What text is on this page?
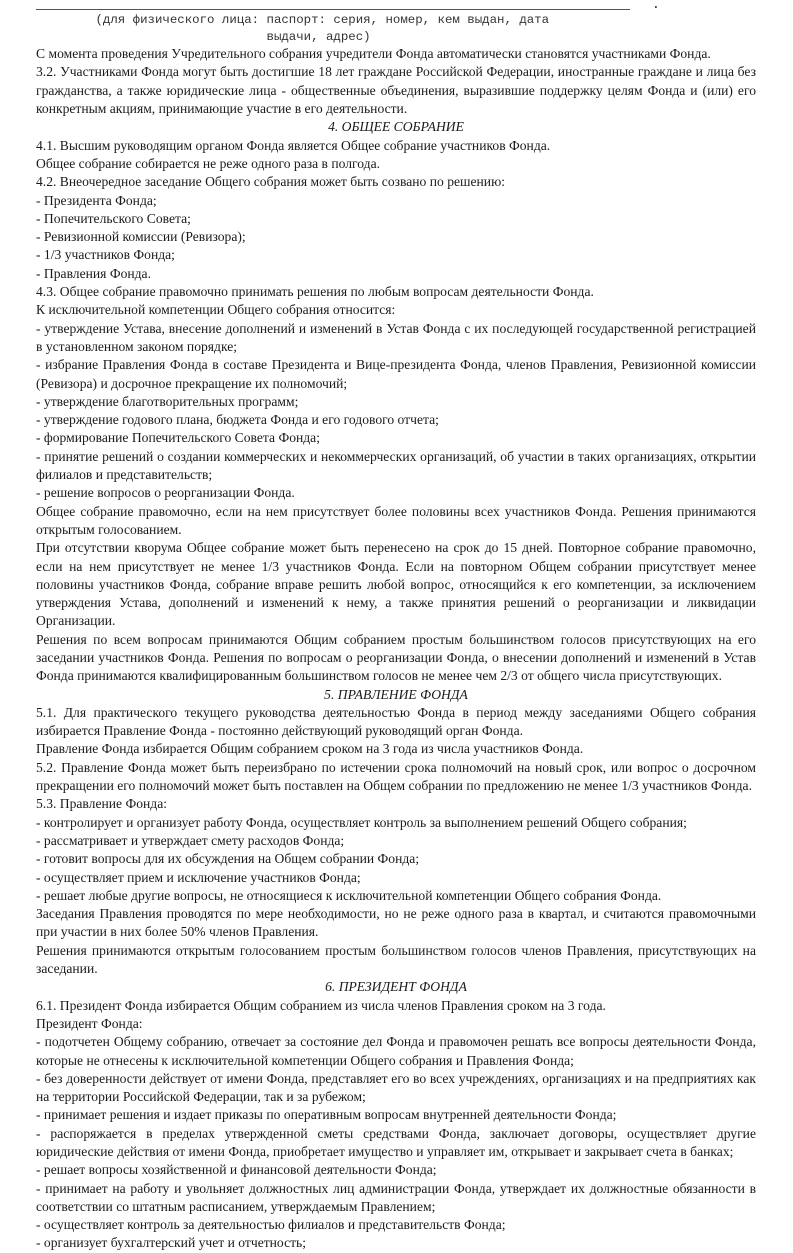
.
(для физического лица: паспорт: серия, номер, кем выдан, дата
выдачи, адрес)

С момента проведения Учредительного собрания учредители Фонда автоматически становятся участниками Фонда.

3.2. Участниками Фонда могут быть достигшие 18 лет граждане Российской Федерации, иностранные граждане и лица без гражданства, а также юридические лица - общественные объединения, выразившие поддержку целям Фонда и (или) его конкретным акциям, принимающие участие в его деятельности.

4. ОБЩЕЕ СОБРАНИЕ

4.1. Высшим руководящим органом Фонда является Общее собрание участников Фонда.

Общее собрание собирается не реже одного раза в полгода.

4.2. Внеочередное заседание Общего собрания может быть созвано по решению:

- Президента Фонда;

- Попечительского Совета;

- Ревизионной комиссии (Ревизора);

- 1/3 участников Фонда;

- Правления Фонда.

4.3. Общее собрание правомочно принимать решения по любым вопросам деятельности Фонда.

К исключительной компетенции Общего собрания относится:

- утверждение Устава, внесение дополнений и изменений в Устав Фонда с их последующей государственной регистрацией в установленном законом порядке;

- избрание Правления Фонда в составе Президента и Вице-президента Фонда, членов Правления, Ревизионной комиссии (Ревизора) и досрочное прекращение их полномочий;

- утверждение благотворительных программ;

- утверждение годового плана, бюджета Фонда и его годового отчета;

- формирование Попечительского Совета Фонда;

- принятие решений о создании коммерческих и некоммерческих организаций, об участии в таких организациях, открытии филиалов и представительств;

- решение вопросов о реорганизации Фонда.

Общее собрание правомочно, если на нем присутствует более половины всех участников Фонда. Решения принимаются открытым голосованием.

При отсутствии кворума Общее собрание может быть перенесено на срок до 15 дней. Повторное собрание правомочно, если на нем присутствует не менее 1/3 участников Фонда. Если на повторном Общем собрании присутствует менее половины участников Фонда, собрание вправе решить любой вопрос, относящийся к его компетенции, за исключением утверждения Устава, дополнений и изменений к нему, а также принятия решений о реорганизации и ликвидации Организации.

Решения по всем вопросам принимаются Общим собранием простым большинством голосов присутствующих на его заседании участников Фонда. Решения по вопросам о реорганизации Фонда, о внесении дополнений и изменений в Устав Фонда принимаются квалифицированным большинством голосов не менее чем 2/3 от общего числа присутствующих.

5. ПРАВЛЕНИЕ ФОНДА

5.1. Для практического текущего руководства деятельностью Фонда в период между заседаниями Общего собрания избирается Правление Фонда - постоянно действующий руководящий орган Фонда.

Правление Фонда избирается Общим собранием сроком на 3 года из числа участников Фонда.

5.2. Правление Фонда может быть переизбрано по истечении срока полномочий на новый срок, или вопрос о досрочном прекращении его полномочий может быть поставлен на Общем собрании по предложению не менее 1/3 участников Фонда.

5.3. Правление Фонда:

- контролирует и организует работу Фонда, осуществляет контроль за выполнением решений Общего собрания;

- рассматривает и утверждает смету расходов Фонда;

- готовит вопросы для их обсуждения на Общем собрании Фонда;

- осуществляет прием и исключение участников Фонда;

- решает любые другие вопросы, не относящиеся к исключительной компетенции Общего собрания Фонда.

Заседания Правления проводятся по мере необходимости, но не реже одного раза в квартал, и считаются правомочными при участии в них более 50% членов Правления.

Решения принимаются открытым голосованием простым большинством голосов членов Правления, присутствующих на заседании.

6. ПРЕЗИДЕНТ ФОНДА

6.1. Президент Фонда избирается Общим собранием из числа членов Правления сроком на 3 года.

Президент Фонда:

- подотчетен Общему собранию, отвечает за состояние дел Фонда и правомочен решать все вопросы деятельности Фонда, которые не отнесены к исключительной компетенции Общего собрания и Правления Фонда;

- без доверенности действует от имени Фонда, представляет его во всех учреждениях, организациях и на предприятиях как на территории Российской Федерации, так и за рубежом;

- принимает решения и издает приказы по оперативным вопросам внутренней деятельности Фонда;

- распоряжается в пределах утвержденной сметы средствами Фонда, заключает договоры, осуществляет другие юридические действия от имени Фонда, приобретает имущество и управляет им, открывает и закрывает счета в банках;

- решает вопросы хозяйственной и финансовой деятельности Фонда;

- принимает на работу и увольняет должностных лиц администрации Фонда, утверждает их должностные обязанности в соответствии со штатным расписанием, утверждаемым Правлением;

- осуществляет контроль за деятельностью филиалов и представительств Фонда;

- организует бухгалтерский учет и отчетность;
